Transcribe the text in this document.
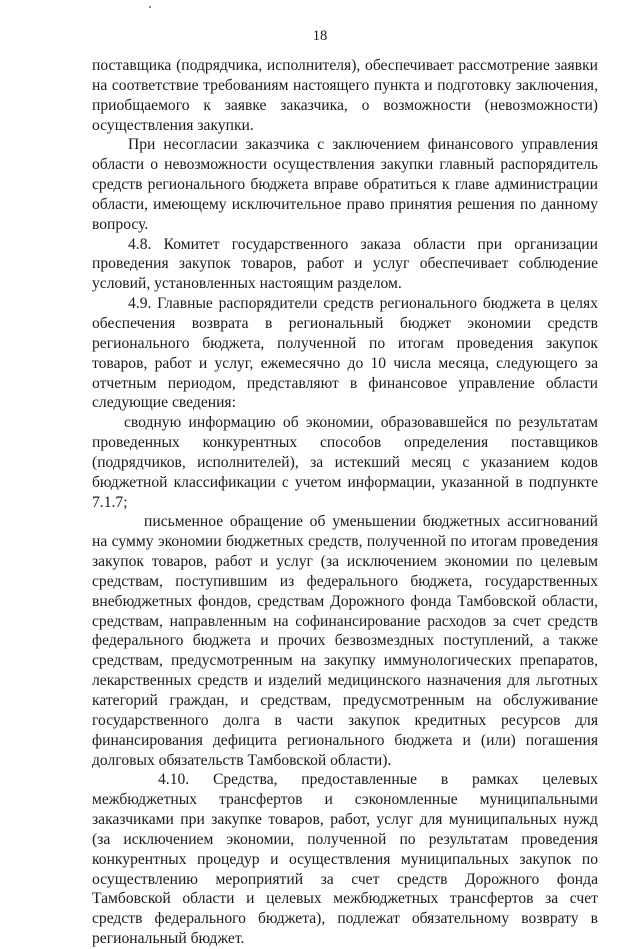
18

поставщика (подрядчика, исполнителя), обеспечивает рассмотрение заявки на соответствие требованиям настоящего пункта и подготовку заключения, приобщаемого к заявке заказчика, о возможности (невозможности) осуществления закупки.

При несогласии заказчика с заключением финансового управления области о невозможности осуществления закупки главный распорядитель средств регионального бюджета вправе обратиться к главе администрации области, имеющему исключительное право принятия решения по данному вопросу.

4.8. Комитет государственного заказа области при организации проведения закупок товаров, работ и услуг обеспечивает соблюдение условий, установленных настоящим разделом.

4.9. Главные распорядители средств регионального бюджета в целях обеспечения возврата в региональный бюджет экономии средств регионального бюджета, полученной по итогам проведения закупок товаров, работ и услуг, ежемесячно до 10 числа месяца, следующего за отчетным периодом, представляют в финансовое управление области следующие сведения:

сводную информацию об экономии, образовавшейся по результатам проведенных конкурентных способов определения поставщиков (подрядчиков, исполнителей), за истекший месяц с указанием кодов бюджетной классификации с учетом информации, указанной в подпункте 7.1.7;

письменное обращение об уменьшении бюджетных ассигнований на сумму экономии бюджетных средств, полученной по итогам проведения закупок товаров, работ и услуг (за исключением экономии по целевым средствам, поступившим из федерального бюджета, государственных внебюджетных фондов, средствам Дорожного фонда Тамбовской области, средствам, направленным на софинансирование расходов за счет средств федерального бюджета и прочих безвозмездных поступлений, а также средствам, предусмотренным на закупку иммунологических препаратов, лекарственных средств и изделий медицинского назначения для льготных категорий граждан, и средствам, предусмотренным на обслуживание государственного долга в части закупок кредитных ресурсов для финансирования дефицита регионального бюджета и (или) погашения долговых обязательств Тамбовской области).

4.10. Средства, предоставленные в рамках целевых межбюджетных трансфертов и сэкономленные муниципальными заказчиками при закупке товаров, работ, услуг для муниципальных нужд (за исключением экономии, полученной по результатам проведения конкурентных процедур и осуществления муниципальных закупок по осуществлению мероприятий за счет средств Дорожного фонда Тамбовской области и целевых межбюджетных трансфертов за счет средств федерального бюджета), подлежат обязательному возврату в региональный бюджет.
